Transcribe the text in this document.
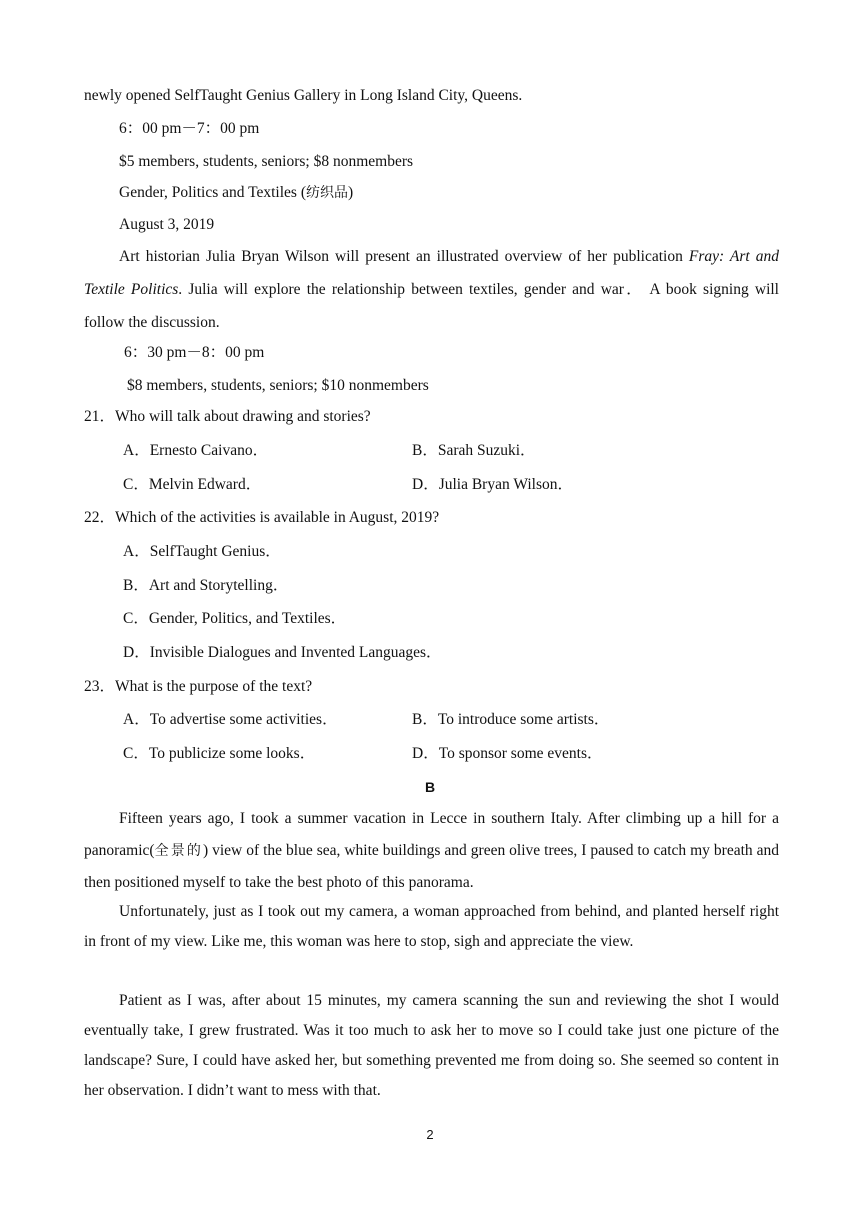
newly opened SelfTaught Genius Gallery in Long Island City, Queens.
6：00 pm－7：00 pm
$5 members, students, seniors; $8 nonmembers
Gender, Politics and Textiles (纺织品)
August 3, 2019
Art historian Julia Bryan Wilson will present an illustrated overview of her publication Fray: Art and Textile Politics. Julia will explore the relationship between textiles, gender and war． A book signing will follow the discussion.
6：30 pm－8：00 pm
$8 members, students, seniors; $10 nonmembers
21．Who will talk about drawing and stories?
A．Ernesto Caivano．	B．Sarah Suzuki．
C．Melvin Edward．	D．Julia Bryan Wilson．
22．Which of the activities is available in August, 2019?
A．SelfTaught Genius．
B．Art and Storytelling．
C．Gender, Politics, and Textiles．
D．Invisible Dialogues and Invented Languages．
23．What is the purpose of the text?
A．To advertise some activities．	B．To introduce some artists．
C．To publicize some looks．	D．To sponsor some events．
B
Fifteen years ago, I took a summer vacation in Lecce in southern Italy. After climbing up a hill for a panoramic(全景的) view of the blue sea, white buildings and green olive trees, I paused to catch my breath and then positioned myself to take the best photo of this panorama.
Unfortunately, just as I took out my camera, a woman approached from behind, and planted herself right in front of my view. Like me, this woman was here to stop, sigh and appreciate the view.
Patient as I was, after about 15 minutes, my camera scanning the sun and reviewing the shot I would eventually take, I grew frustrated. Was it too much to ask her to move so I could take just one picture of the landscape? Sure, I could have asked her, but something prevented me from doing so. She seemed so content in her observation. I didn’t want to mess with that.
2
